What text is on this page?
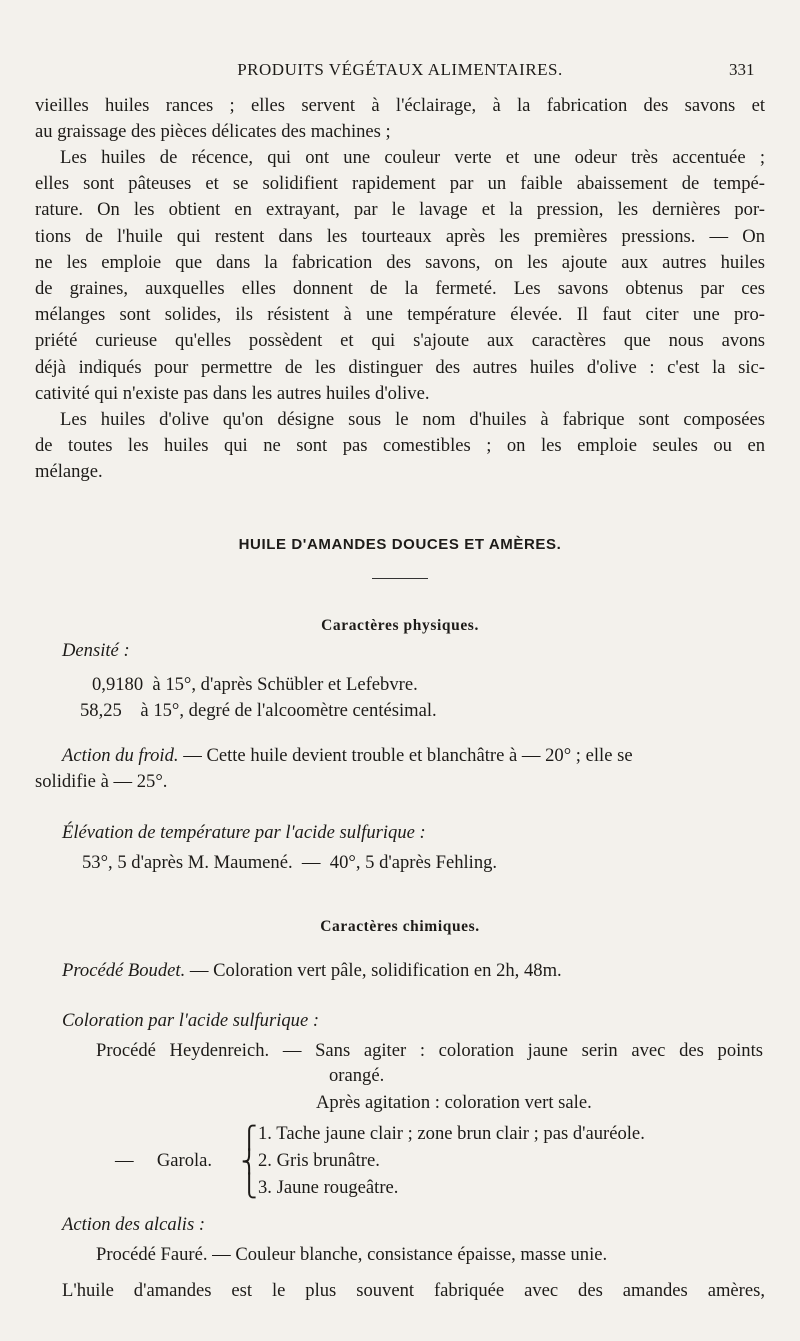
PRODUITS VÉGÉTAUX ALIMENTAIRES.	331
vieilles huiles rances ; elles servent à l'éclairage, à la fabrication des savons et
au graissage des pièces délicates des machines ;
Les huiles de récence, qui ont une couleur verte et une odeur très accentuée ;
elles sont pâteuses et se solidifient rapidement par un faible abaissement de tempé-
rature. On les obtient en extrayant, par le lavage et la pression, les dernières por-
tions de l'huile qui restent dans les tourteaux après les premières pressions. — On
ne les emploie que dans la fabrication des savons, on les ajoute aux autres huiles
de graines, auxquelles elles donnent de la fermeté. Les savons obtenus par ces
mélanges sont solides, ils résistent à une température élevée. Il faut citer une pro-
priété curieuse qu'elles possèdent et qui s'ajoute aux caractères que nous avons
déjà indiqués pour permettre de les distinguer des autres huiles d'olive : c'est la sic-
cativité qui n'existe pas dans les autres huiles d'olive.
Les huiles d'olive qu'on désigne sous le nom d'huiles à fabrique sont composées
de toutes les huiles qui ne sont pas comestibles ; on les emploie seules ou en
mélange.
HUILE D'AMANDES DOUCES ET AMÈRES.
Caractères physiques.
Densité :
0,9180  à 15°, d'après Schübler et Lefebvre.
58,25    à 15°, degré de l'alcoomètre centésimal.
Action du froid. — Cette huile devient trouble et blanchâtre à — 20° ; elle se
solidifie à — 25°.
Élévation de température par l'acide sulfurique :
53°, 5 d'après M. Maumené.  —  40°, 5 d'après Fehling.
Caractères chimiques.
Procédé Boudet. — Coloration vert pâle, solidification en 2h, 48m.
Coloration par l'acide sulfurique :
Procédé Heydenreich. — Sans agiter : coloration jaune serin avec des points
orangé.
Après agitation : coloration vert sale.
—     Garola.
⎧
⎨
⎩
1. Tache jaune clair ; zone brun clair ; pas d'auréole.
2. Gris brunâtre.
3. Jaune rougeâtre.
Action des alcalis :
Procédé Fauré. — Couleur blanche, consistance épaisse, masse unie.
L'huile d'amandes est le plus souvent fabriquée avec des amandes amères,
